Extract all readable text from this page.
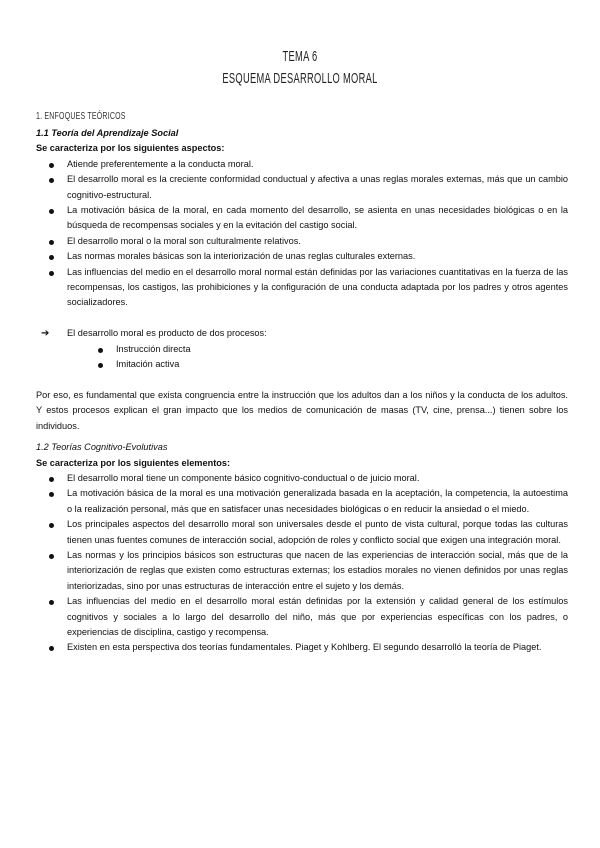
TEMA 6
ESQUEMA DESARROLLO MORAL
1. ENFOQUES TEÓRICOS
1.1 Teoría del Aprendizaje Social
Se caracteriza por los siguientes aspectos:
Atiende preferentemente a la conducta moral.
El desarrollo moral es la creciente conformidad conductual y afectiva a unas reglas morales externas, más que un cambio cognitivo-estructural.
La motivación básica de la moral, en cada momento del desarrollo, se asienta en unas necesidades biológicas o en la búsqueda de recompensas sociales y en la evitación del castigo social.
El desarrollo moral o la moral son culturalmente relativos.
Las normas morales básicas son la interiorización de unas reglas culturales externas.
Las influencias del medio en el desarrollo moral normal están definidas por las variaciones cuantitativas en la fuerza de las recompensas, los castigos, las prohibiciones y la configuración de una conducta adaptada por los padres y otros agentes socializadores.
➔ El desarrollo moral es producto de dos procesos:
Instrucción directa
Imitación activa

Por eso, es fundamental que exista congruencia entre la instrucción que los adultos dan a los niños y la conducta de los adultos. Y estos procesos explican el gran impacto que los medios de comunicación de masas (TV, cine, prensa...) tienen sobre los individuos.

1.2 Teorías Cognitivo-Evolutivas
Se caracteriza por los siguientes elementos:
El desarrollo moral tiene un componente básico cognitivo-conductual o de juicio moral.
La motivación básica de la moral es una motivación generalizada basada en la aceptación, la competencia, la autoestima o la realización personal, más que en satisfacer unas necesidades biológicas o en reducir la ansiedad o el miedo.
Los principales aspectos del desarrollo moral son universales desde el punto de vista cultural, porque todas las culturas tienen unas fuentes comunes de interacción social, adopción de roles y conflicto social que exigen una integración moral.
Las normas y los principios básicos son estructuras que nacen de las experiencias de interacción social, más que de la interiorización de reglas que existen como estructuras externas; los estadios morales no vienen definidos por unas reglas interiorizadas, sino por unas estructuras de interacción entre el sujeto y los demás.
Las influencias del medio en el desarrollo moral están definidas por la extensión y calidad general de los estímulos cognitivos y sociales a lo largo del desarrollo del niño, más que por experiencias específicas con los padres, o experiencias de disciplina, castigo y recompensa.
Existen en esta perspectiva dos teorías fundamentales. Piaget y Kohlberg. El segundo desarrolló la teoría de Piaget.
